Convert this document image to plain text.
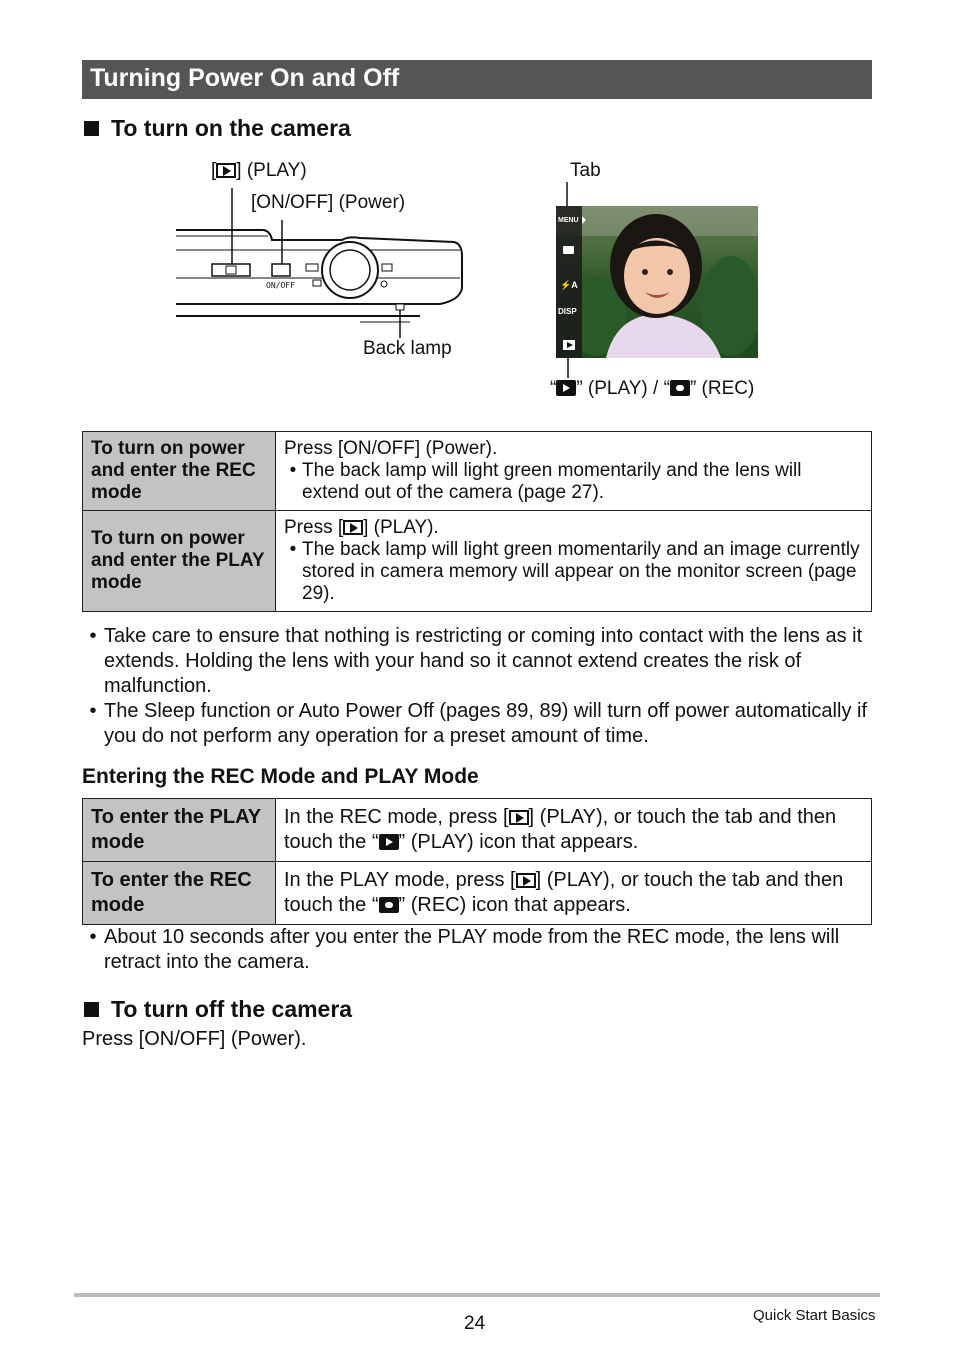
Turning Power On and Off
To turn on the camera
ON/OFF
[ ] (PLAY)
[ON/OFF] (Power)
Back lamp
Tab
MENU
⚡A
DISP
“ ” (PLAY) / “ ” (REC)
To turn on power and enter the REC mode	Press [ON/OFF] (Power).
• The back lamp will light green momentarily and the lens will extend out of the camera (page 27).

To turn on power and enter the PLAY mode	Press [ ] (PLAY).
• The back lamp will light green momentarily and an image currently stored in camera memory will appear on the monitor screen (page 29).
• Take care to ensure that nothing is restricting or coming into contact with the lens as it extends. Holding the lens with your hand so it cannot extend creates the risk of malfunction.
• The Sleep function or Auto Power Off (pages 89, 89) will turn off power automatically if you do not perform any operation for a preset amount of time.
Entering the REC Mode and PLAY Mode
To enter the PLAY mode	In the REC mode, press [ ] (PLAY), or touch the tab and then touch the “ ” (PLAY) icon that appears.
To enter the REC mode	In the PLAY mode, press [ ] (PLAY), or touch the tab and then touch the “ ” (REC) icon that appears.
• About 10 seconds after you enter the PLAY mode from the REC mode, the lens will retract into the camera.
To turn off the camera
Press [ON/OFF] (Power).
24	Quick Start Basics
